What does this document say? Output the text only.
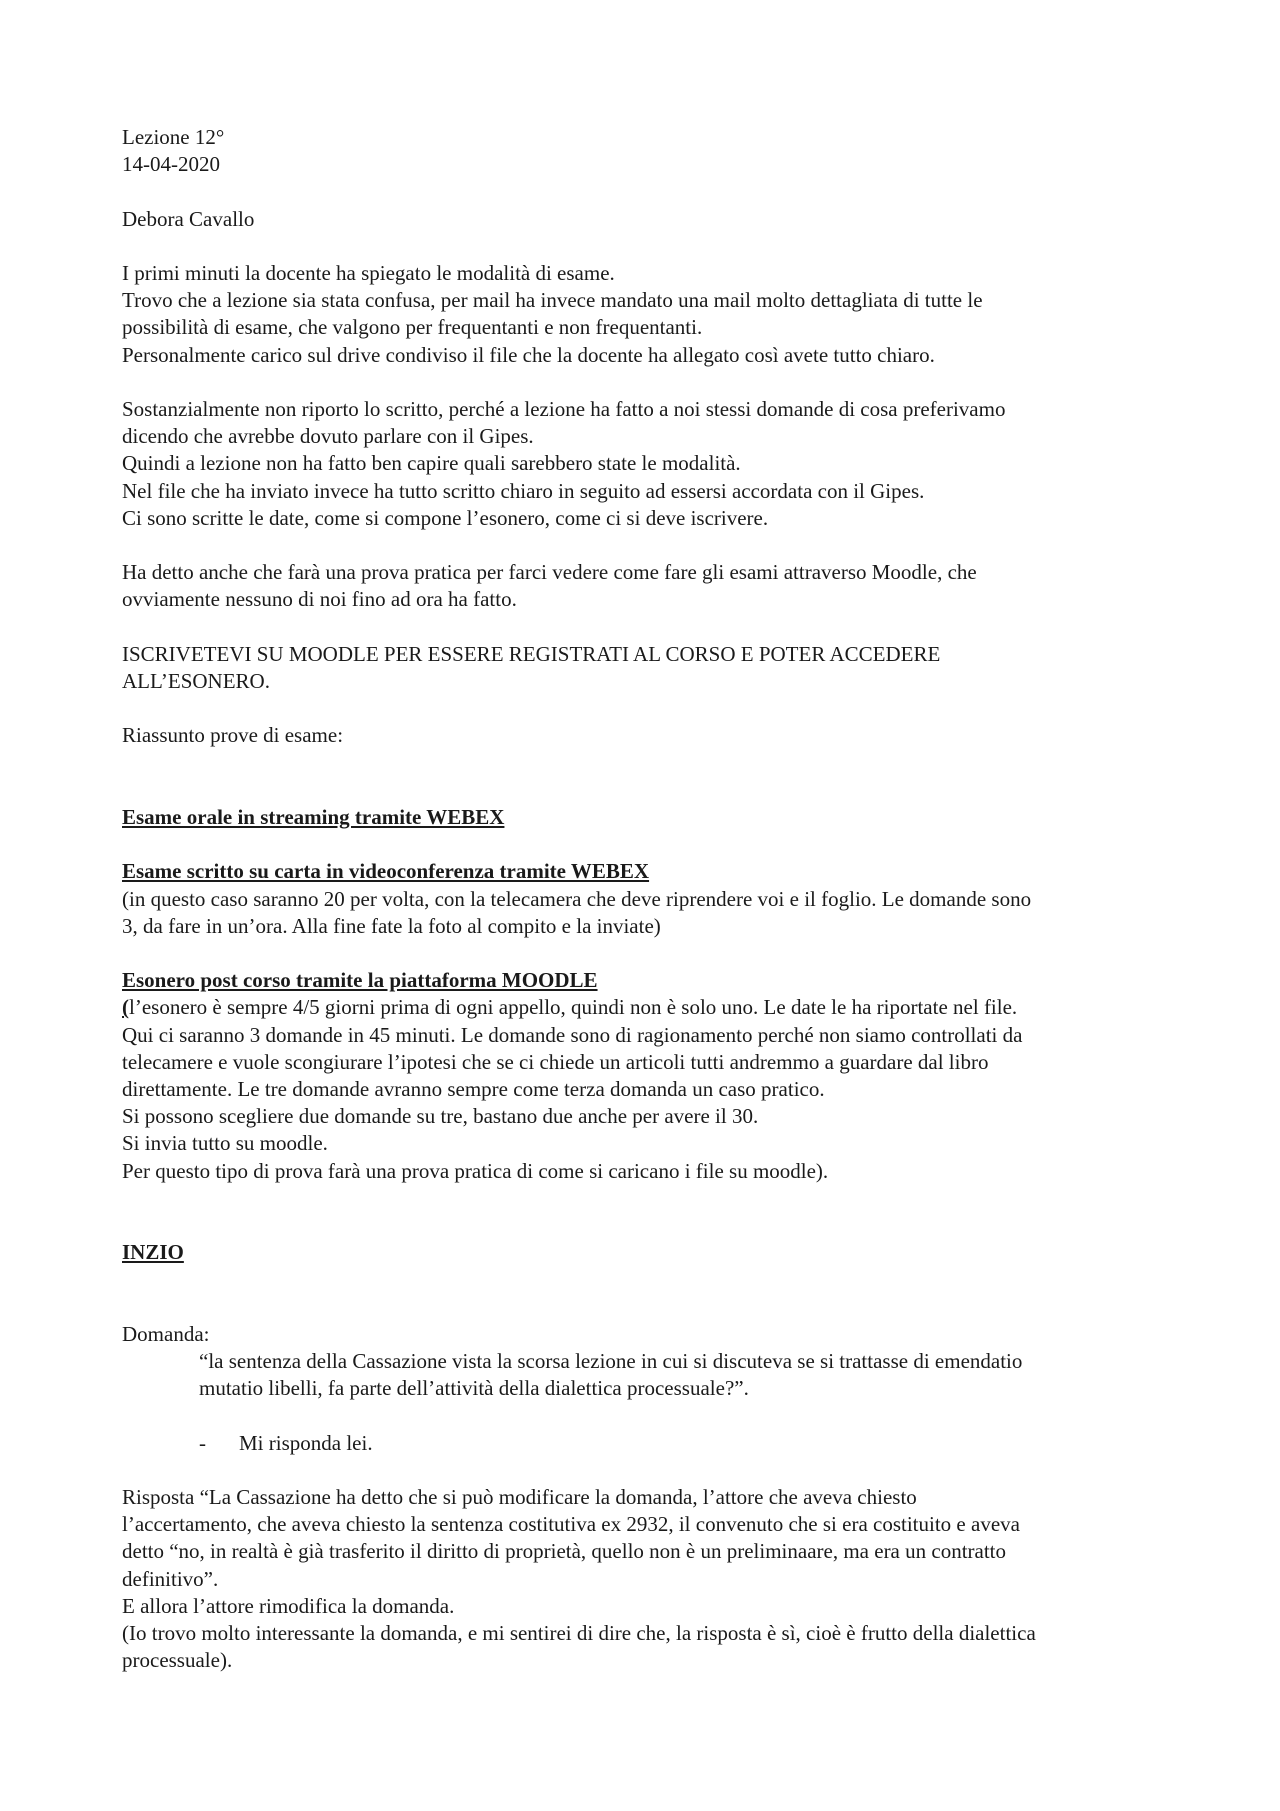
Lezione 12°
14-04-2020
Debora Cavallo
I primi minuti la docente ha spiegato le modalità di esame.
Trovo che a lezione sia stata confusa, per mail ha invece mandato una mail molto dettagliata di tutte le
possibilità di esame, che valgono per frequentanti e non frequentanti.
Personalmente carico sul drive condiviso il file che la docente ha allegato così avete tutto chiaro.
Sostanzialmente non riporto lo scritto, perché a lezione ha fatto a noi stessi domande di cosa preferivamo
dicendo che avrebbe dovuto parlare con il Gipes.
Quindi a lezione non ha fatto ben capire quali sarebbero state le modalità.
Nel file che ha inviato invece ha tutto scritto chiaro in seguito ad essersi accordata con il Gipes.
Ci sono scritte le date, come si compone l’esonero, come ci si deve iscrivere.
Ha detto anche che farà una prova pratica per farci vedere come fare gli esami attraverso Moodle, che
ovviamente nessuno di noi fino ad ora ha fatto.
ISCRIVETEVI SU MOODLE PER ESSERE REGISTRATI AL CORSO E POTER ACCEDERE
ALL’ESONERO.
Riassunto prove di esame:
Esame orale in streaming tramite WEBEX
Esame scritto su carta in videoconferenza tramite WEBEX
(in questo caso saranno 20 per volta, con la telecamera che deve riprendere voi e il foglio. Le domande sono
3, da fare in un’ora. Alla fine fate la foto al compito e la inviate)
Esonero post corso tramite la piattaforma MOODLE
(l’esonero è sempre 4/5 giorni prima di ogni appello, quindi non è solo uno. Le date le ha riportate nel file.
Qui ci saranno 3 domande in 45 minuti. Le domande sono di ragionamento perché non siamo controllati da
telecamere e vuole scongiurare l’ipotesi che se ci chiede un articoli tutti andremmo a guardare dal libro
direttamente. Le tre domande avranno sempre come terza domanda un caso pratico.
Si possono scegliere due domande su tre, bastano due anche per avere il 30.
Si invia tutto su moodle.
Per questo tipo di prova farà una prova pratica di come si caricano i file su moodle).
INZIO
Domanda:
“la sentenza della Cassazione vista la scorsa lezione in cui si discuteva se si trattasse di emendatio
mutatio libelli, fa parte dell’attività della dialettica processuale?”.
- Mi risponda lei.
Risposta “La Cassazione ha detto che si può modificare la domanda, l’attore che aveva chiesto
l’accertamento, che aveva chiesto la sentenza costitutiva ex 2932, il convenuto che si era costituito e aveva
detto “no, in realtà è già trasferito il diritto di proprietà, quello non è un preliminaare, ma era un contratto
definitivo”.
E allora l’attore rimodifica la domanda.
(Io trovo molto interessante la domanda, e mi sentirei di dire che, la risposta è sì, cioè è frutto della dialettica
processuale).
